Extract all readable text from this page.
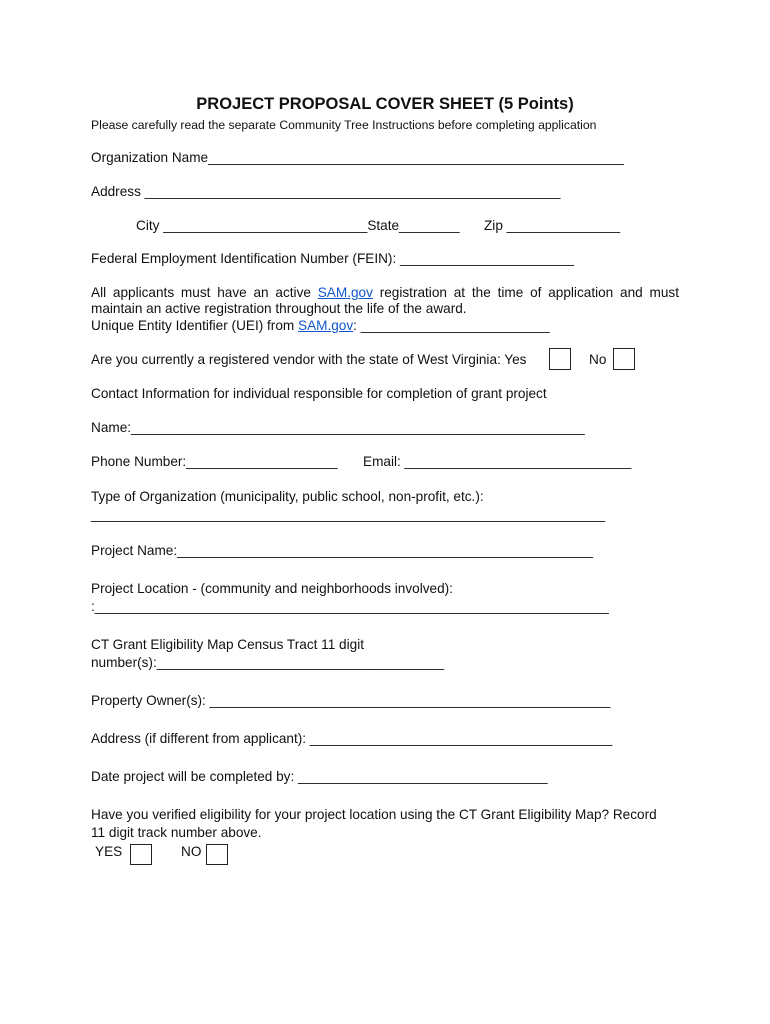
PROJECT PROPOSAL COVER SHEET (5 Points)
Please carefully read the separate Community Tree Instructions before completing application
Organization Name_______________________________________________________
Address _______________________________________________________
City ___________________________State________ Zip _______________
Federal Employment Identification Number (FEIN): _______________________
All applicants must have an active SAM.gov registration at the time of application and must
maintain an active registration throughout the life of the award.
Unique Entity Identifier (UEI) from SAM.gov: _________________________
Are you currently a registered vendor with the state of West Virginia: Yes	No
Contact Information for individual responsible for completion of grant project
Name:____________________________________________________________
Phone Number:____________________ Email: ______________________________
Type of Organization (municipality, public school, non-profit, etc.):
____________________________________________________________________
Project Name:_______________________________________________________
Project Location - (community and neighborhoods involved):
:____________________________________________________________________
CT Grant Eligibility Map Census Tract 11 digit
number(s):______________________________________
Property Owner(s): _____________________________________________________
Address (if different from applicant): ________________________________________
Date project will be completed by: _________________________________
Have you verified eligibility for your project location using the CT Grant Eligibility Map? Record
11 digit track number above.
YES	NO
